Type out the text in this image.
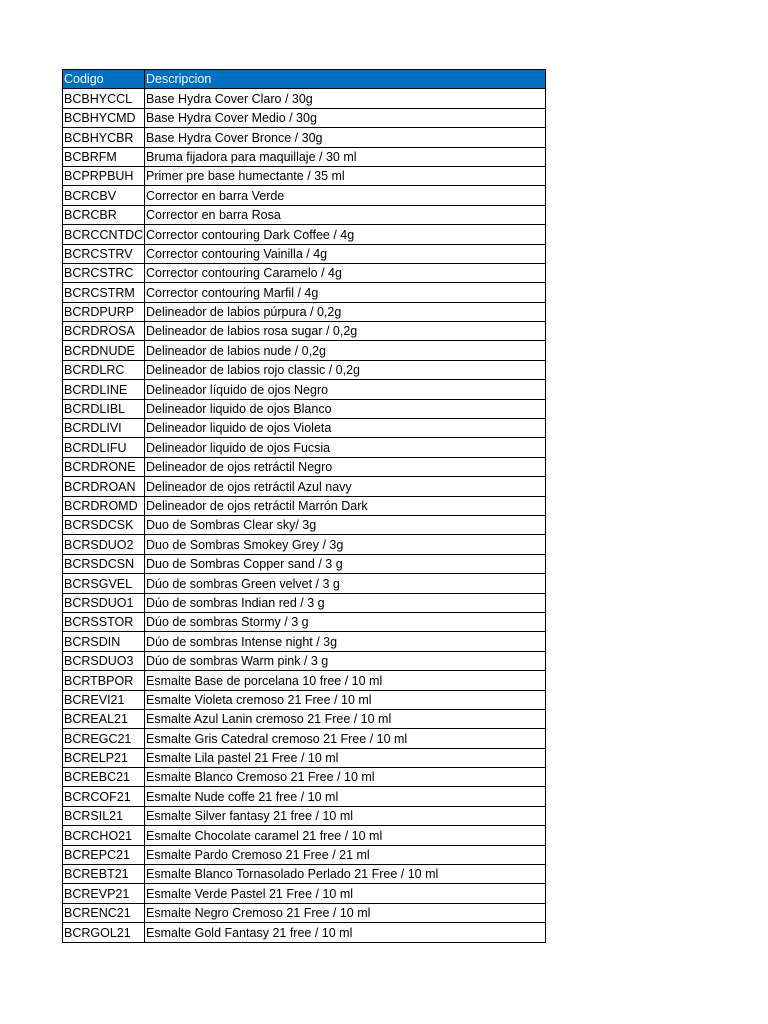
Codigo	Descripcion
BCBHYCCL	Base Hydra Cover Claro / 30g
BCBHYCMD	Base Hydra Cover Medio / 30g
BCBHYCBR	Base Hydra Cover Bronce / 30g
BCBRFM	Bruma fijadora para maquillaje / 30 ml
BCPRPBUH	Primer pre base humectante / 35 ml
BCRCBV	Corrector en barra Verde
BCRCBR	Corrector en barra Rosa
BCRCCNTDC	Corrector contouring Dark Coffee / 4g
BCRCSTRV	Corrector contouring Vainilla / 4g
BCRCSTRC	Corrector contouring Caramelo / 4g
BCRCSTRM	Corrector contouring Marfil / 4g
BCRDPURP	Delineador de labios púrpura / 0,2g
BCRDROSA	Delineador de labios rosa sugar / 0,2g
BCRDNUDE	Delineador de labios nude / 0,2g
BCRDLRC	Delineador de labios rojo classic / 0,2g
BCRDLINE	Delineador líquido de ojos Negro
BCRDLIBL	Delineador liquido de ojos Blanco
BCRDLIVI	Delineador liquido de ojos Violeta
BCRDLIFU	Delineador liquido de ojos Fucsia
BCRDRONE	Delineador de ojos retráctil Negro
BCRDROAN	Delineador de ojos retráctil Azul navy
BCRDROMD	Delineador de ojos retráctil Marrón Dark
BCRSDCSK	Duo de Sombras Clear sky/ 3g
BCRSDUO2	Duo de Sombras Smokey Grey / 3g
BCRSDCSN	Duo de Sombras Copper sand / 3 g
BCRSGVEL	Dúo de sombras Green velvet / 3 g
BCRSDUO1	Dúo de sombras Indian red / 3 g
BCRSSTOR	Dúo de sombras Stormy / 3 g
BCRSDIN	Dúo de sombras Intense night / 3g
BCRSDUO3	Dúo de sombras Warm pink / 3 g
BCRTBPOR	Esmalte Base de porcelana 10 free / 10 ml
BCREVI21	Esmalte Violeta cremoso 21 Free / 10 ml
BCREAL21	Esmalte Azul Lanin cremoso 21 Free / 10 ml
BCREGC21	Esmalte Gris Catedral cremoso 21 Free / 10 ml
BCRELP21	Esmalte Lila pastel 21 Free / 10 ml
BCREBC21	Esmalte Blanco Cremoso 21 Free / 10 ml
BCRCOF21	Esmalte Nude coffe 21 free / 10 ml
BCRSIL21	Esmalte Silver fantasy 21 free / 10 ml
BCRCHO21	Esmalte Chocolate caramel 21 free / 10 ml
BCREPC21	Esmalte Pardo Cremoso 21 Free / 21 ml
BCREBT21	Esmalte Blanco Tornasolado Perlado 21 Free / 10 ml
BCREVP21	Esmalte Verde Pastel 21 Free / 10 ml
BCRENC21	Esmalte Negro Cremoso 21 Free / 10 ml
BCRGOL21	Esmalte Gold Fantasy 21 free / 10 ml
